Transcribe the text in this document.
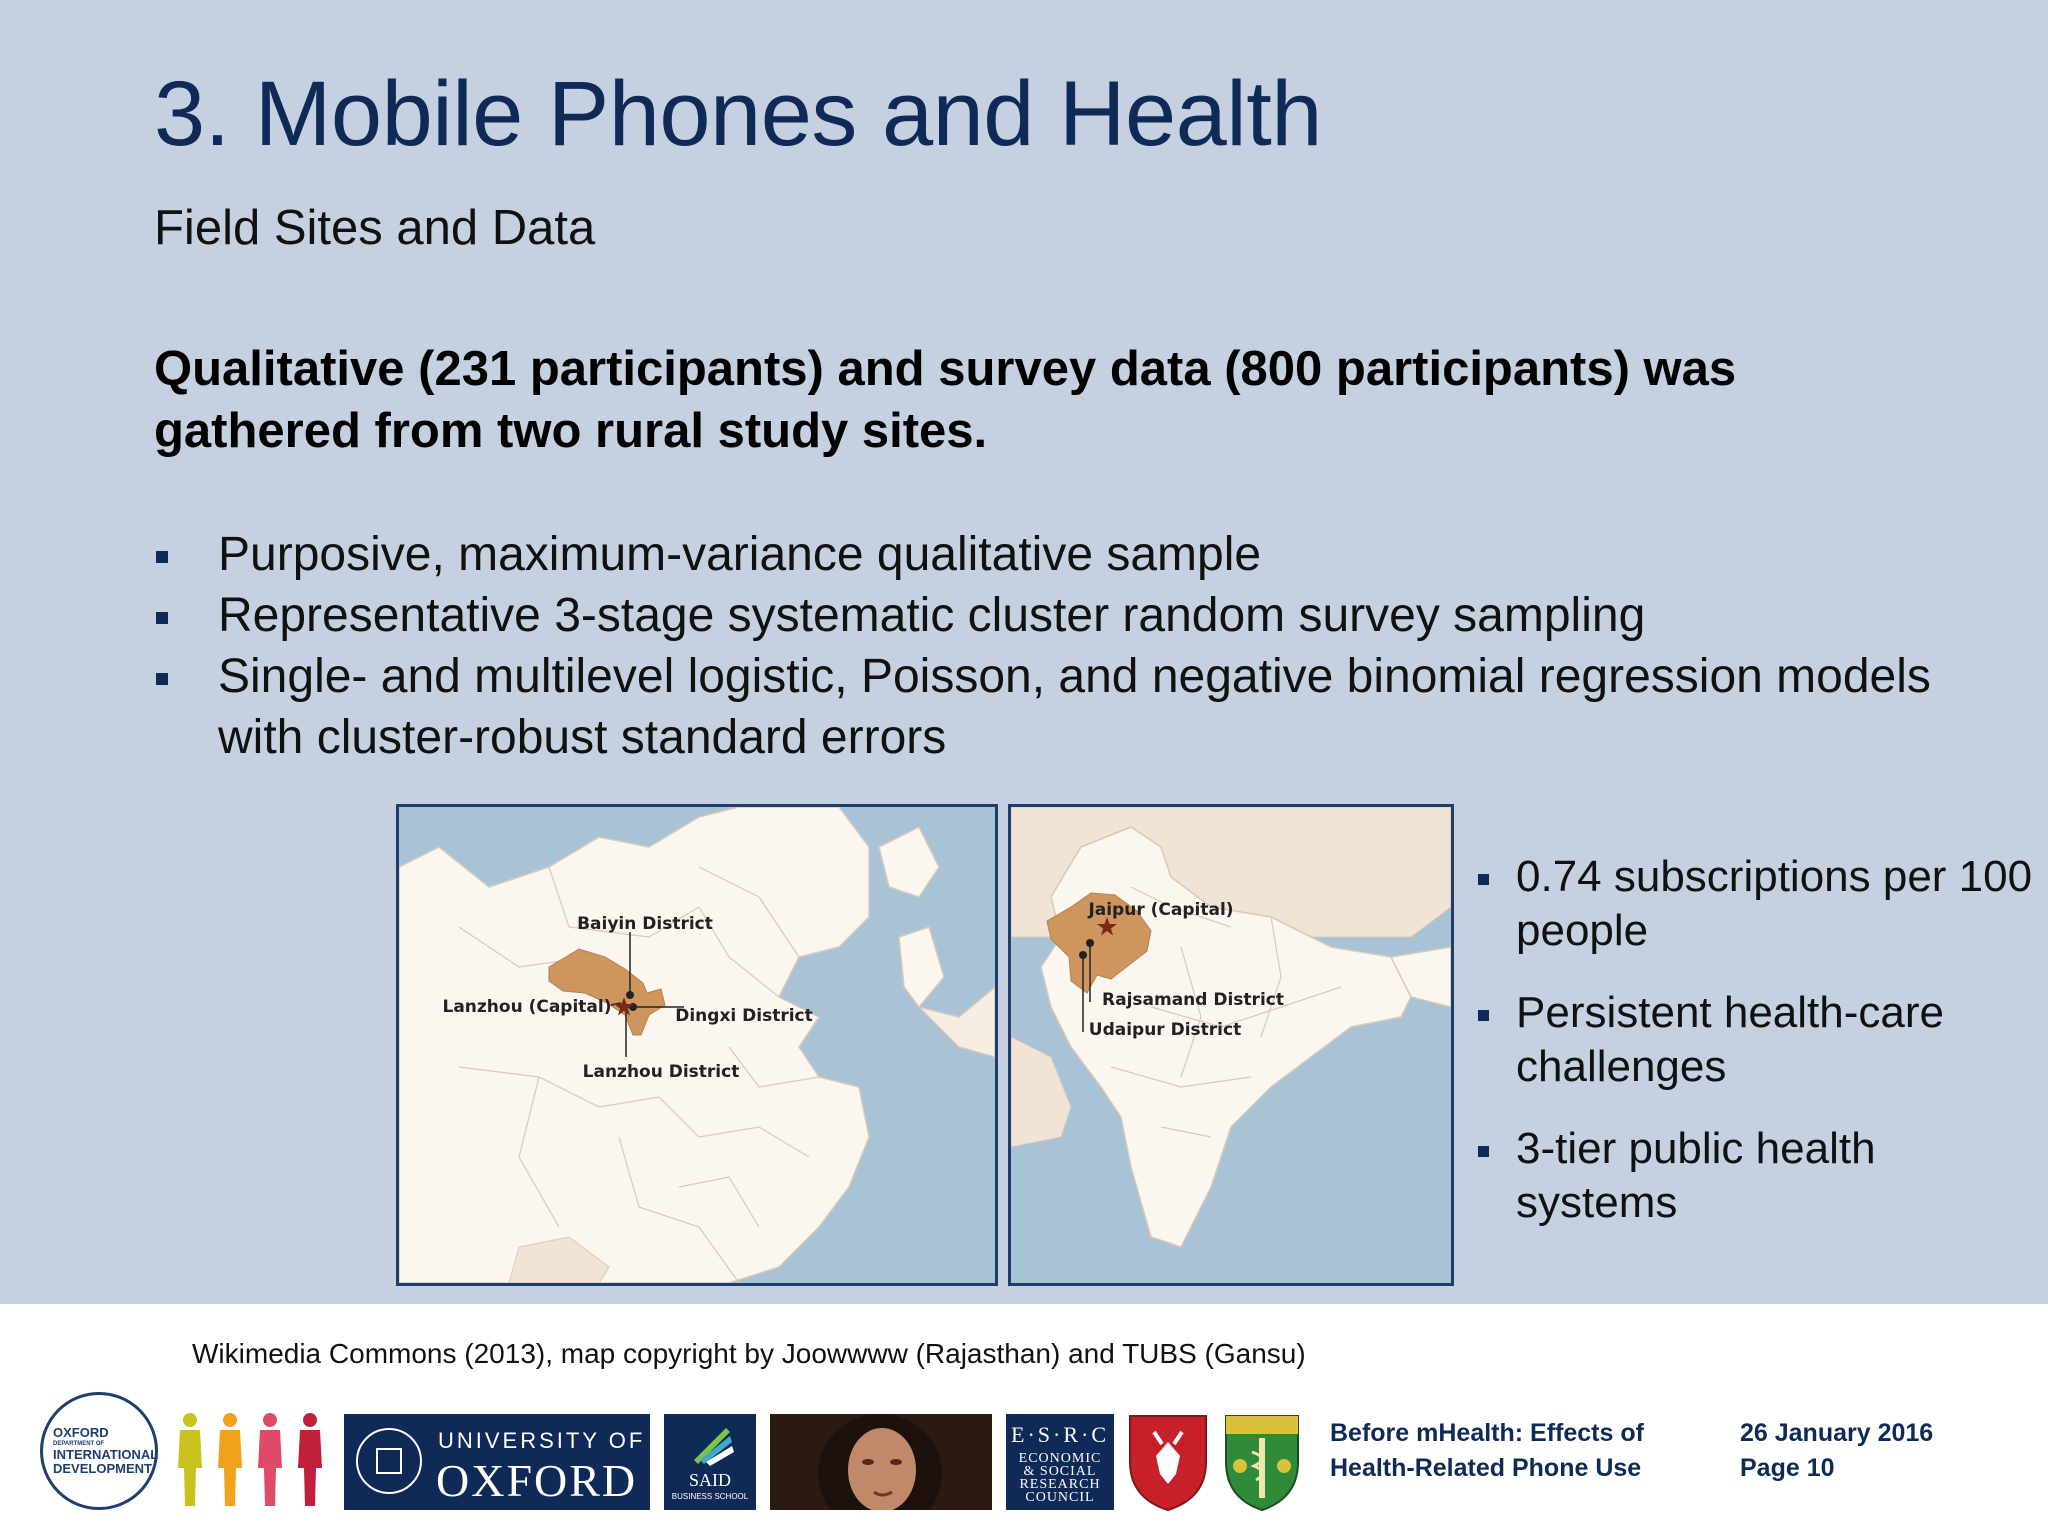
3. Mobile Phones and Health
Field Sites and Data

Qualitative (231 participants) and survey data (800 participants) was gathered from two rural study sites.

Purposive, maximum-variance qualitative sample
Representative 3-stage systematic cluster random survey sampling
Single- and multilevel logistic, Poisson, and negative binomial regression models with cluster-robust standard errors
Baiyin District
Lanzhou (Capital)	Dingxi District
Lanzhou District
Jaipur (Capital)
Rajsamand District
Udaipur District
0.74 subscriptions per 100 people
Persistent health-care challenges
3-tier public health systems
Wikimedia Commons (2013), map copyright by Joowwww (Rajasthan) and TUBS (Gansu)
OXFORD
DEPARTMENT OF
INTERNATIONAL
DEVELOPMENT
UNIVERSITY OF
OXFORD	SAID
BUSINESS SCHOOL
E·S·R·C
ECONOMIC
& SOCIAL
RESEARCH
COUNCIL
Before mHealth: Effects of Health-Related Phone Use
26 January 2016
Page 10
